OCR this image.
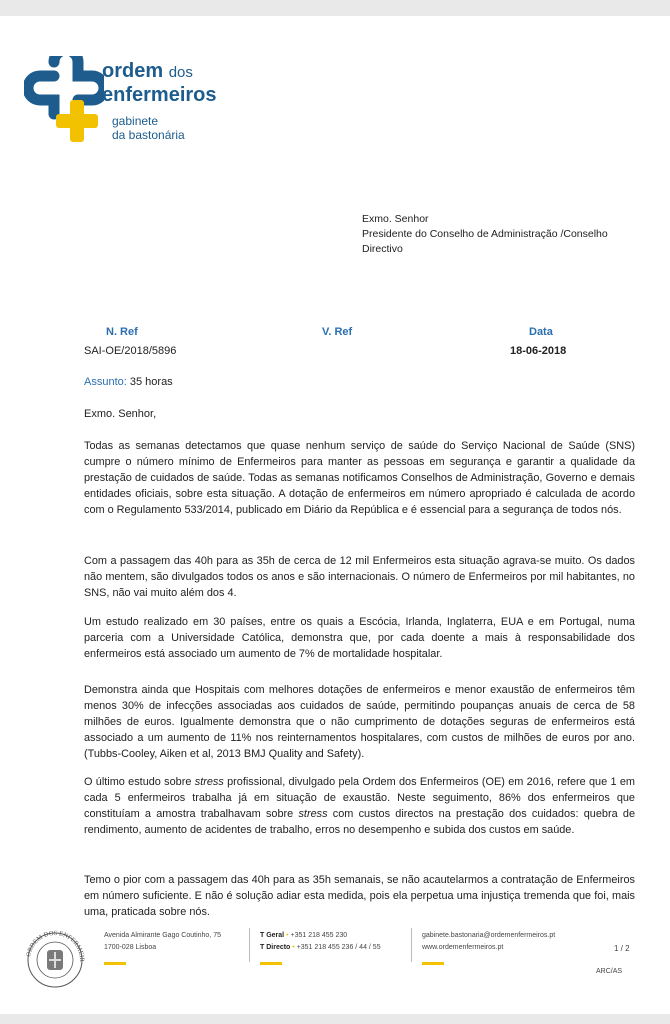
ordem dos
enfermeiros
gabinete
da bastonária
Exmo. Senhor
Presidente do Conselho de Administração /Conselho
Directivo
N. Ref
SAI-OE/2018/5896
V. Ref	Data
18-06-2018
Assunto: 35 horas
Exmo. Senhor,

Todas as semanas detectamos que quase nenhum serviço de saúde do Serviço Nacional de Saúde (SNS) cumpre o número mínimo de Enfermeiros para manter as pessoas em segurança e garantir a qualidade da prestação de cuidados de saúde. Todas as semanas notificamos Conselhos de Administração, Governo e demais entidades oficiais, sobre esta situação. A dotação de enfermeiros em número apropriado é calculada de acordo com o Regulamento 533/2014, publicado em Diário da República e é essencial para a segurança de todos nós.

Com a passagem das 40h para as 35h de cerca de 12 mil Enfermeiros esta situação agrava-se muito. Os dados não mentem, são divulgados todos os anos e são internacionais. O número de Enfermeiros por mil habitantes, no SNS, não vai muito além dos 4.

Um estudo realizado em 30 países, entre os quais a Escócia, Irlanda, Inglaterra, EUA e em Portugal, numa parceria com a Universidade Católica, demonstra que, por cada doente a mais à responsabilidade dos enfermeiros está associado um aumento de 7% de mortalidade hospitalar.

Demonstra ainda que Hospitais com melhores dotações de enfermeiros e menor exaustão de enfermeiros têm menos 30% de infecções associadas aos cuidados de saúde, permitindo poupanças anuais de cerca de 58 milhões de euros. Igualmente demonstra que o não cumprimento de dotações seguras de enfermeiros está associado a um aumento de 11% nos reinternamentos hospitalares, com custos de milhões de euros por ano. (Tubbs-Cooley, Aiken et al, 2013 BMJ Quality and Safety).

O último estudo sobre stress profissional, divulgado pela Ordem dos Enfermeiros (OE) em 2016, refere que 1 em cada 5 enfermeiros trabalha já em situação de exaustão. Neste seguimento, 86% dos enfermeiros que constituíam a amostra trabalhavam sobre stress com custos directos na prestação dos cuidados: quebra de rendimento, aumento de acidentes de trabalho, erros no desempenho e subida dos custos em saúde.

Temo o pior com a passagem das 40h para as 35h semanais, se não acautelarmos a contratação de Enfermeiros em número suficiente. E não é solução adiar esta medida, pois ela perpetua uma injustiça tremenda que foi, mais uma, praticada sobre nós.

ORDEM DOS ENFERMEIR
Avenida Almirante Gago Coutinho, 75
1700-028 Lisboa
T Geral • +351 218 455 230
T Directo • +351 218 455 236 / 44 / 55
gabinete.bastonaria@ordemenfermeiros.pt
www.ordemenfermeiros.pt	1 / 2
ARC/AS
